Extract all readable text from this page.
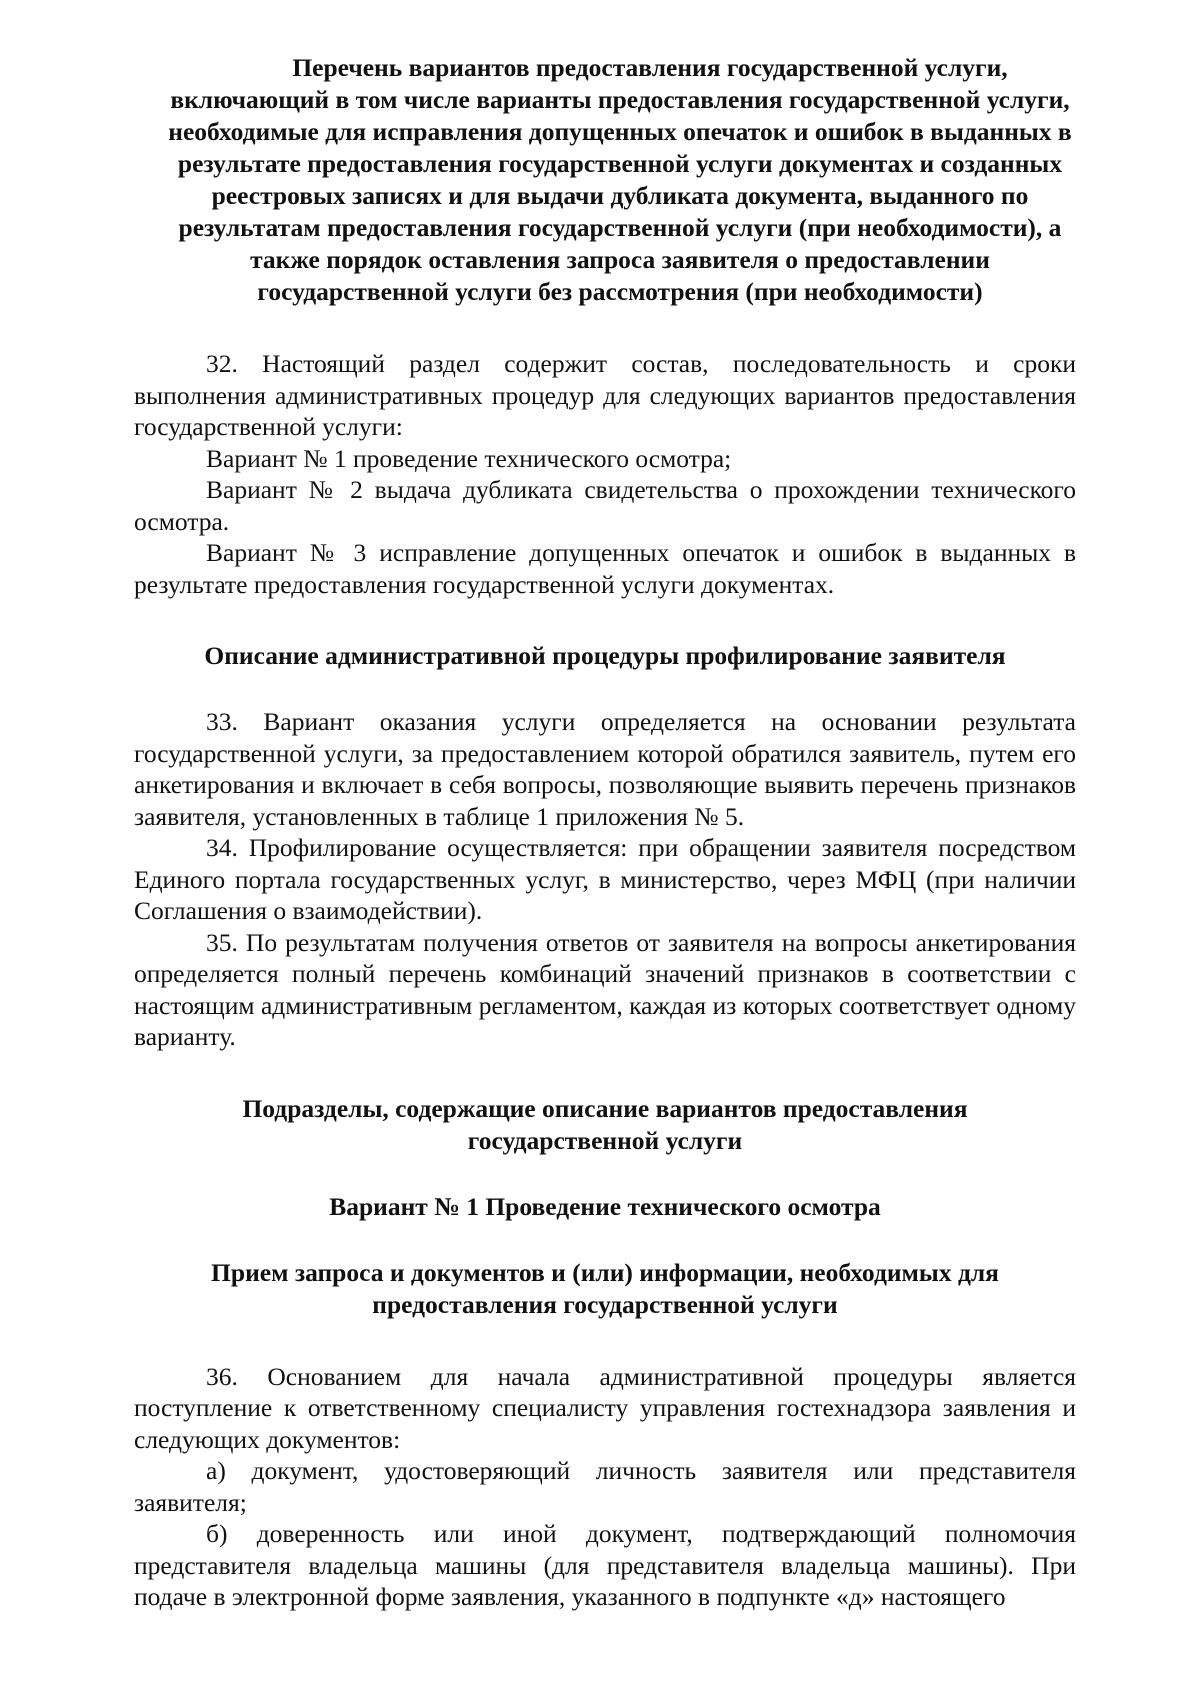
Перечень вариантов предоставления государственной услуги,
включающий в том числе варианты предоставления государственной услуги,
необходимые для исправления допущенных опечаток и ошибок в выданных в
результате предоставления государственной услуги документах и созданных
реестровых записях и для выдачи дубликата документа, выданного по
результатам предоставления государственной услуги (при необходимости), а
также порядок оставления запроса заявителя о предоставлении
государственной услуги без рассмотрения (при необходимости)

32. Настоящий раздел содержит состав, последовательность и сроки выполнения административных процедур для следующих вариантов предоставления государственной услуги:

Вариант № 1 проведение технического осмотра;

Вариант № 2 выдача дубликата свидетельства о прохождении технического осмотра.

Вариант № 3 исправление допущенных опечаток и ошибок в выданных в результате предоставления государственной услуги документах.

Описание административной процедуры профилирование заявителя

33. Вариант оказания услуги определяется на основании результата государственной услуги, за предоставлением которой обратился заявитель, путем его анкетирования и включает в себя вопросы, позволяющие выявить перечень признаков заявителя, установленных в таблице 1 приложения № 5.

34. Профилирование осуществляется: при обращении заявителя посредством Единого портала государственных услуг, в министерство, через МФЦ (при наличии Соглашения о взаимодействии).

35. По результатам получения ответов от заявителя на вопросы анкетирования определяется полный перечень комбинаций значений признаков в соответствии с настоящим административным регламентом, каждая из которых соответствует одному варианту.

Подразделы, содержащие описание вариантов предоставления
государственной услуги
Вариант № 1 Проведение технического осмотра
Прием запроса и документов и (или) информации, необходимых для
предоставления государственной услуги

36. Основанием для начала административной процедуры является поступление к ответственному специалисту управления гостехнадзора заявления и следующих документов:

а) документ, удостоверяющий личность заявителя или представителя заявителя;

б) доверенность или иной документ, подтверждающий полномочия представителя владельца машины (для представителя владельца машины). При подаче в электронной форме заявления, указанного в подпункте «д» настоящего
